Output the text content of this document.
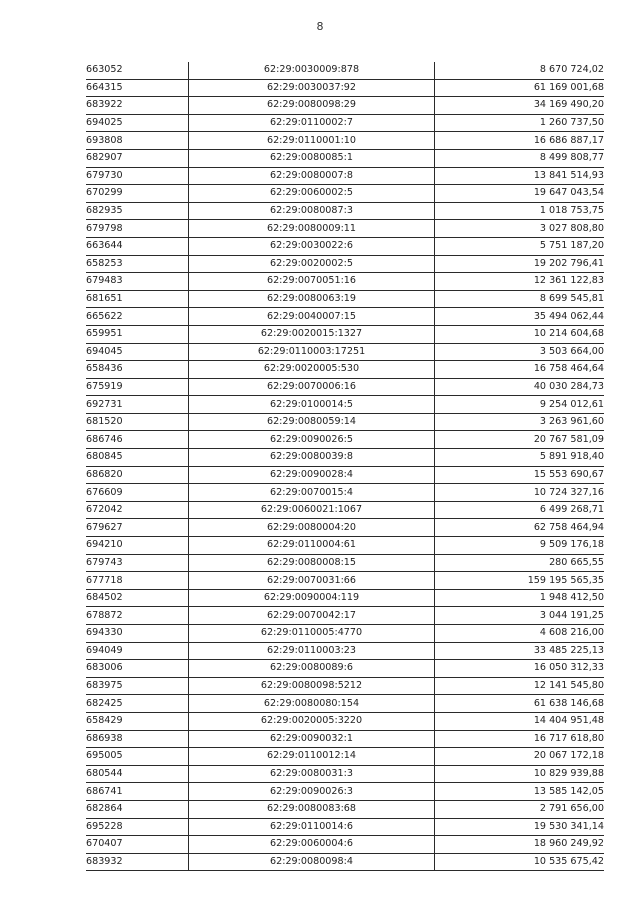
8
663052	62:29:0030009:878	8 670 724,02
664315	62:29:0030037:92	61 169 001,68
683922	62:29:0080098:29	34 169 490,20
694025	62:29:0110002:7	1 260 737,50
693808	62:29:0110001:10	16 686 887,17
682907	62:29:0080085:1	8 499 808,77
679730	62:29:0080007:8	13 841 514,93
670299	62:29:0060002:5	19 647 043,54
682935	62:29:0080087:3	1 018 753,75
679798	62:29:0080009:11	3 027 808,80
663644	62:29:0030022:6	5 751 187,20
658253	62:29:0020002:5	19 202 796,41
679483	62:29:0070051:16	12 361 122,83
681651	62:29:0080063:19	8 699 545,81
665622	62:29:0040007:15	35 494 062,44
659951	62:29:0020015:1327	10 214 604,68
694045	62:29:0110003:17251	3 503 664,00
658436	62:29:0020005:530	16 758 464,64
675919	62:29:0070006:16	40 030 284,73
692731	62:29:0100014:5	9 254 012,61
681520	62:29:0080059:14	3 263 961,60
686746	62:29:0090026:5	20 767 581,09
680845	62:29:0080039:8	5 891 918,40
686820	62:29:0090028:4	15 553 690,67
676609	62:29:0070015:4	10 724 327,16
672042	62:29:0060021:1067	6 499 268,71
679627	62:29:0080004:20	62 758 464,94
694210	62:29:0110004:61	9 509 176,18
679743	62:29:0080008:15	280 665,55
677718	62:29:0070031:66	159 195 565,35
684502	62:29:0090004:119	1 948 412,50
678872	62:29:0070042:17	3 044 191,25
694330	62:29:0110005:4770	4 608 216,00
694049	62:29:0110003:23	33 485 225,13
683006	62:29:0080089:6	16 050 312,33
683975	62:29:0080098:5212	12 141 545,80
682425	62:29:0080080:154	61 638 146,68
658429	62:29:0020005:3220	14 404 951,48
686938	62:29:0090032:1	16 717 618,80
695005	62:29:0110012:14	20 067 172,18
680544	62:29:0080031:3	10 829 939,88
686741	62:29:0090026:3	13 585 142,05
682864	62:29:0080083:68	2 791 656,00
695228	62:29:0110014:6	19 530 341,14
670407	62:29:0060004:6	18 960 249,92
683932	62:29:0080098:4	10 535 675,42
